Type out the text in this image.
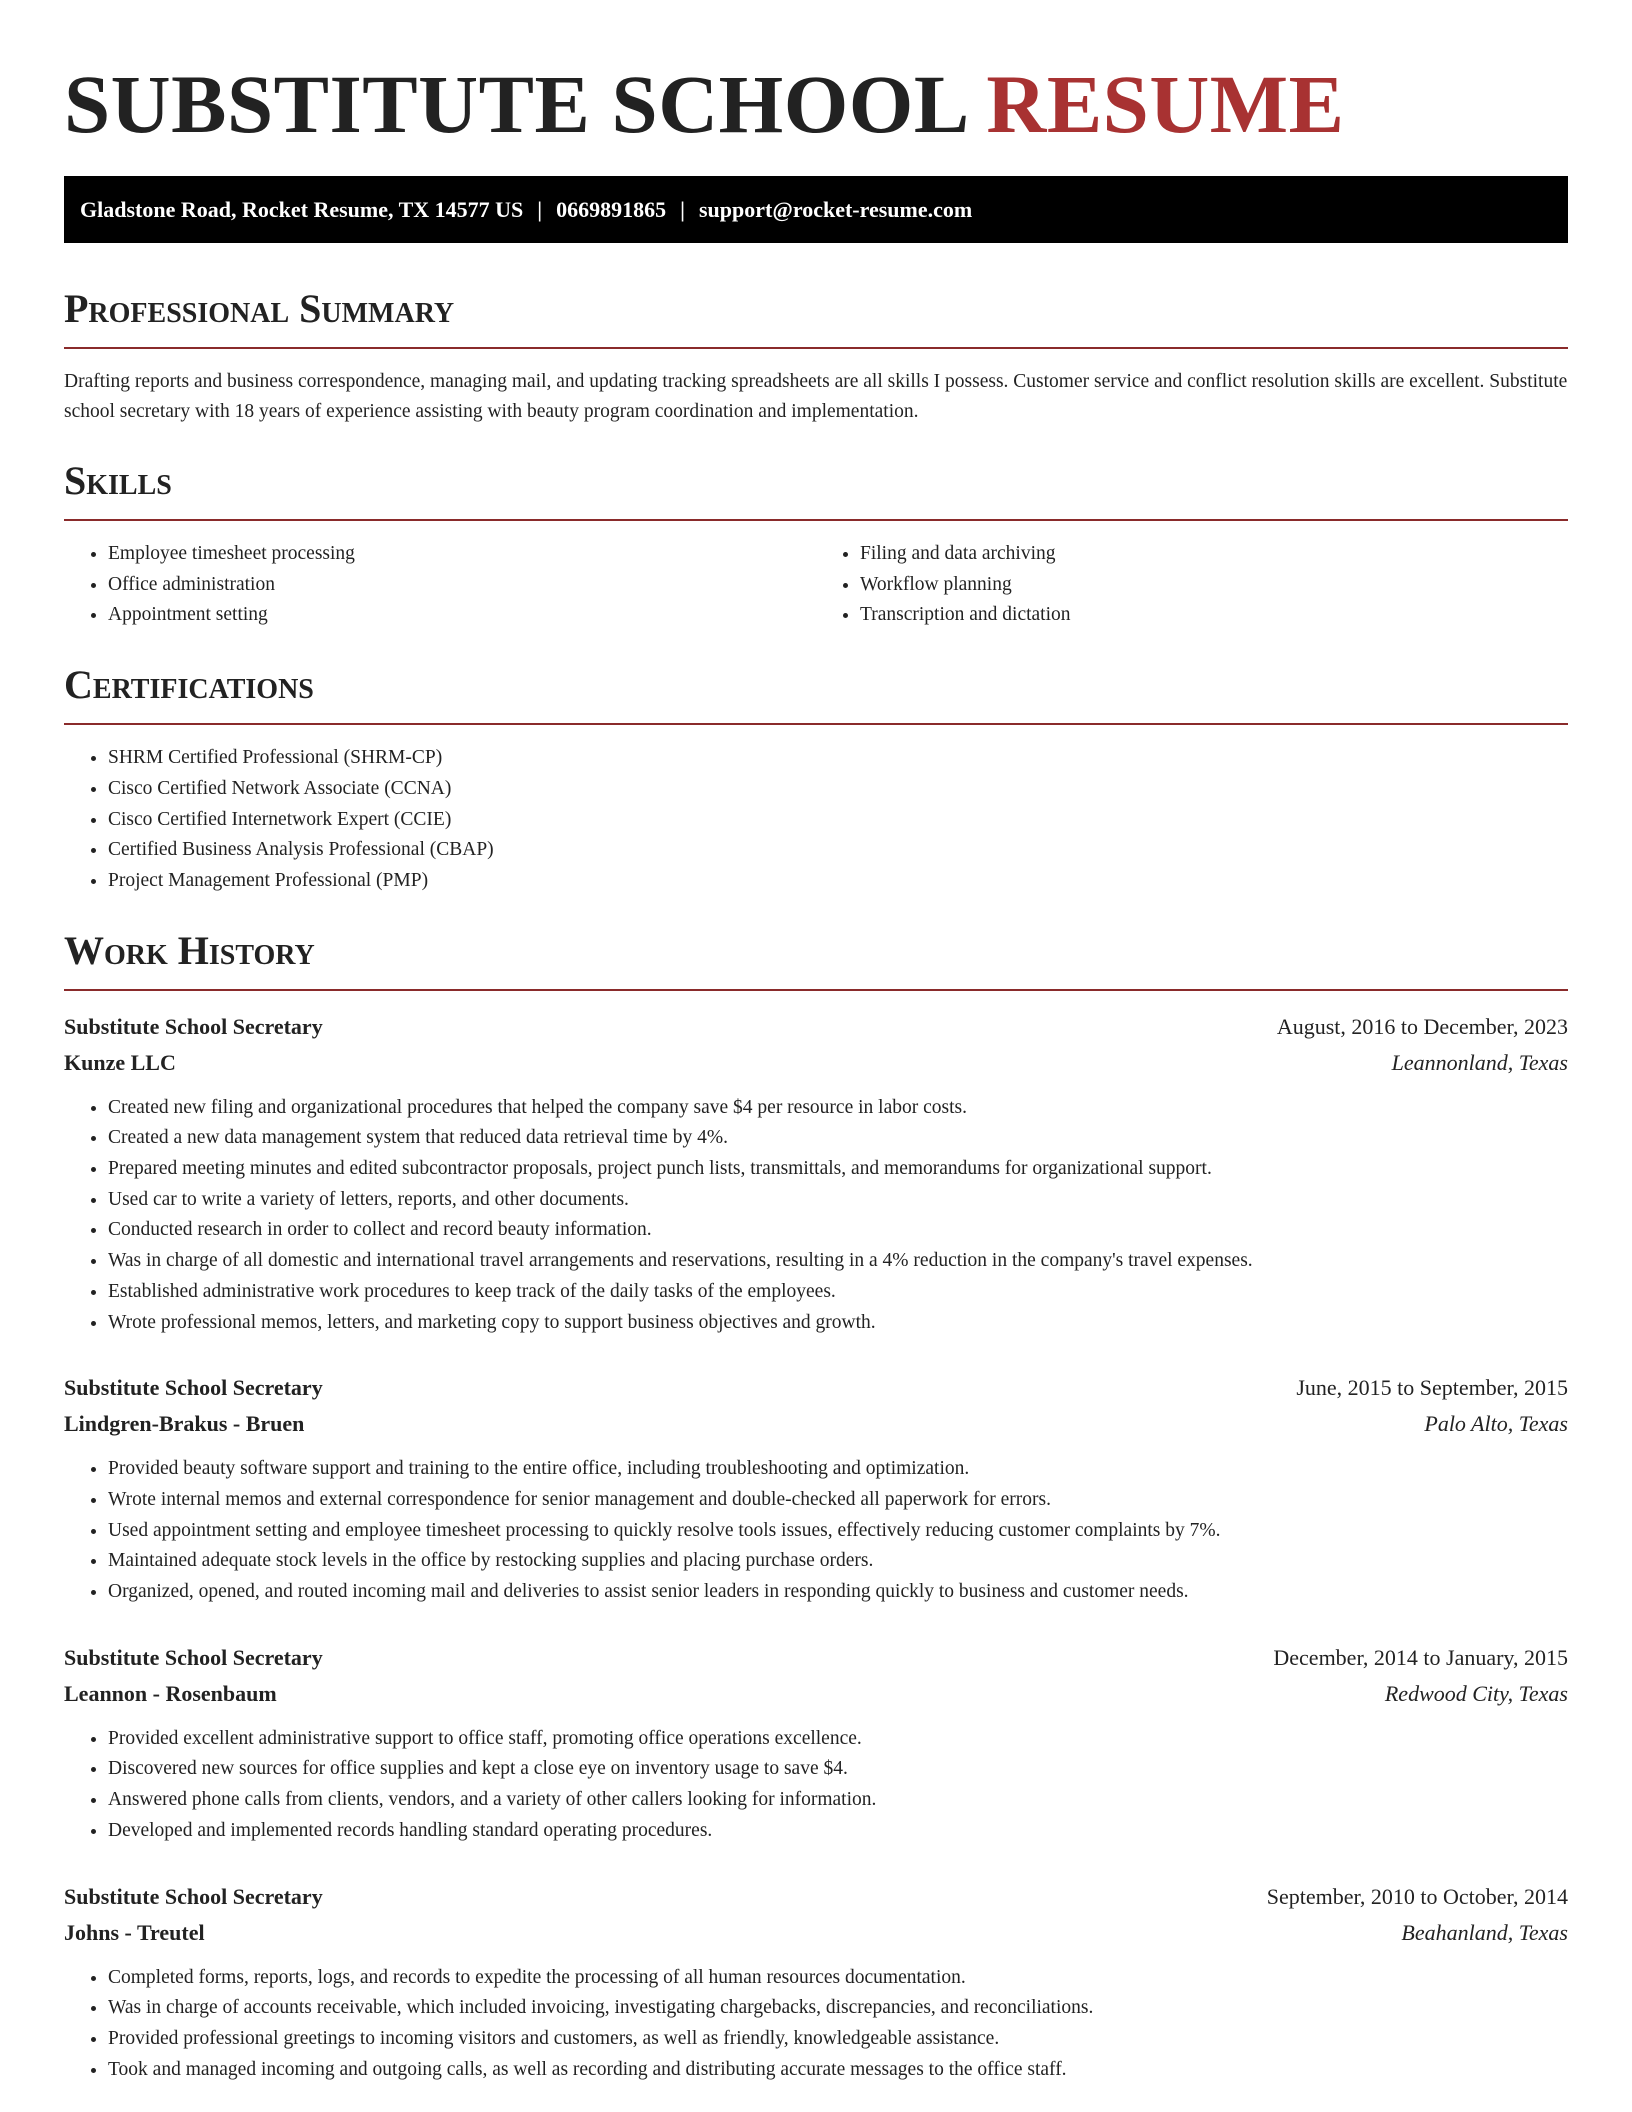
SUBSTITUTE SCHOOL RESUME
Gladstone Road, Rocket Resume, TX 14577 US | 0669891865 | support@rocket-resume.com
Professional Summary

Drafting reports and business correspondence, managing mail, and updating tracking spreadsheets are all skills I possess. Customer service and conflict resolution skills are excellent. Substitute school secretary with 18 years of experience assisting with beauty program coordination and implementation.

Skills
• Employee timesheet processing
• Office administration
• Appointment setting
• Filing and data archiving
• Workflow planning
• Transcription and dictation
Certifications
• SHRM Certified Professional (SHRM-CP)
• Cisco Certified Network Associate (CCNA)
• Cisco Certified Internetwork Expert (CCIE)
• Certified Business Analysis Professional (CBAP)
• Project Management Professional (PMP)
Work History
Substitute School Secretary	August, 2016 to December, 2023
Kunze LLC	Leannonland, Texas
• Created new filing and organizational procedures that helped the company save $4 per resource in labor costs.
• Created a new data management system that reduced data retrieval time by 4%.
• Prepared meeting minutes and edited subcontractor proposals, project punch lists, transmittals, and memorandums for organizational support.
• Used car to write a variety of letters, reports, and other documents.
• Conducted research in order to collect and record beauty information.
• Was in charge of all domestic and international travel arrangements and reservations, resulting in a 4% reduction in the company's travel expenses.
• Established administrative work procedures to keep track of the daily tasks of the employees.
• Wrote professional memos, letters, and marketing copy to support business objectives and growth.
Substitute School Secretary	June, 2015 to September, 2015
Lindgren-Brakus - Bruen	Palo Alto, Texas
• Provided beauty software support and training to the entire office, including troubleshooting and optimization.
• Wrote internal memos and external correspondence for senior management and double-checked all paperwork for errors.
• Used appointment setting and employee timesheet processing to quickly resolve tools issues, effectively reducing customer complaints by 7%.
• Maintained adequate stock levels in the office by restocking supplies and placing purchase orders.
• Organized, opened, and routed incoming mail and deliveries to assist senior leaders in responding quickly to business and customer needs.
Substitute School Secretary	December, 2014 to January, 2015
Leannon - Rosenbaum	Redwood City, Texas
• Provided excellent administrative support to office staff, promoting office operations excellence.
• Discovered new sources for office supplies and kept a close eye on inventory usage to save $4.
• Answered phone calls from clients, vendors, and a variety of other callers looking for information.
• Developed and implemented records handling standard operating procedures.
Substitute School Secretary	September, 2010 to October, 2014
Johns - Treutel	Beahanland, Texas
• Completed forms, reports, logs, and records to expedite the processing of all human resources documentation.
• Was in charge of accounts receivable, which included invoicing, investigating chargebacks, discrepancies, and reconciliations.
• Provided professional greetings to incoming visitors and customers, as well as friendly, knowledgeable assistance.
• Took and managed incoming and outgoing calls, as well as recording and distributing accurate messages to the office staff.
